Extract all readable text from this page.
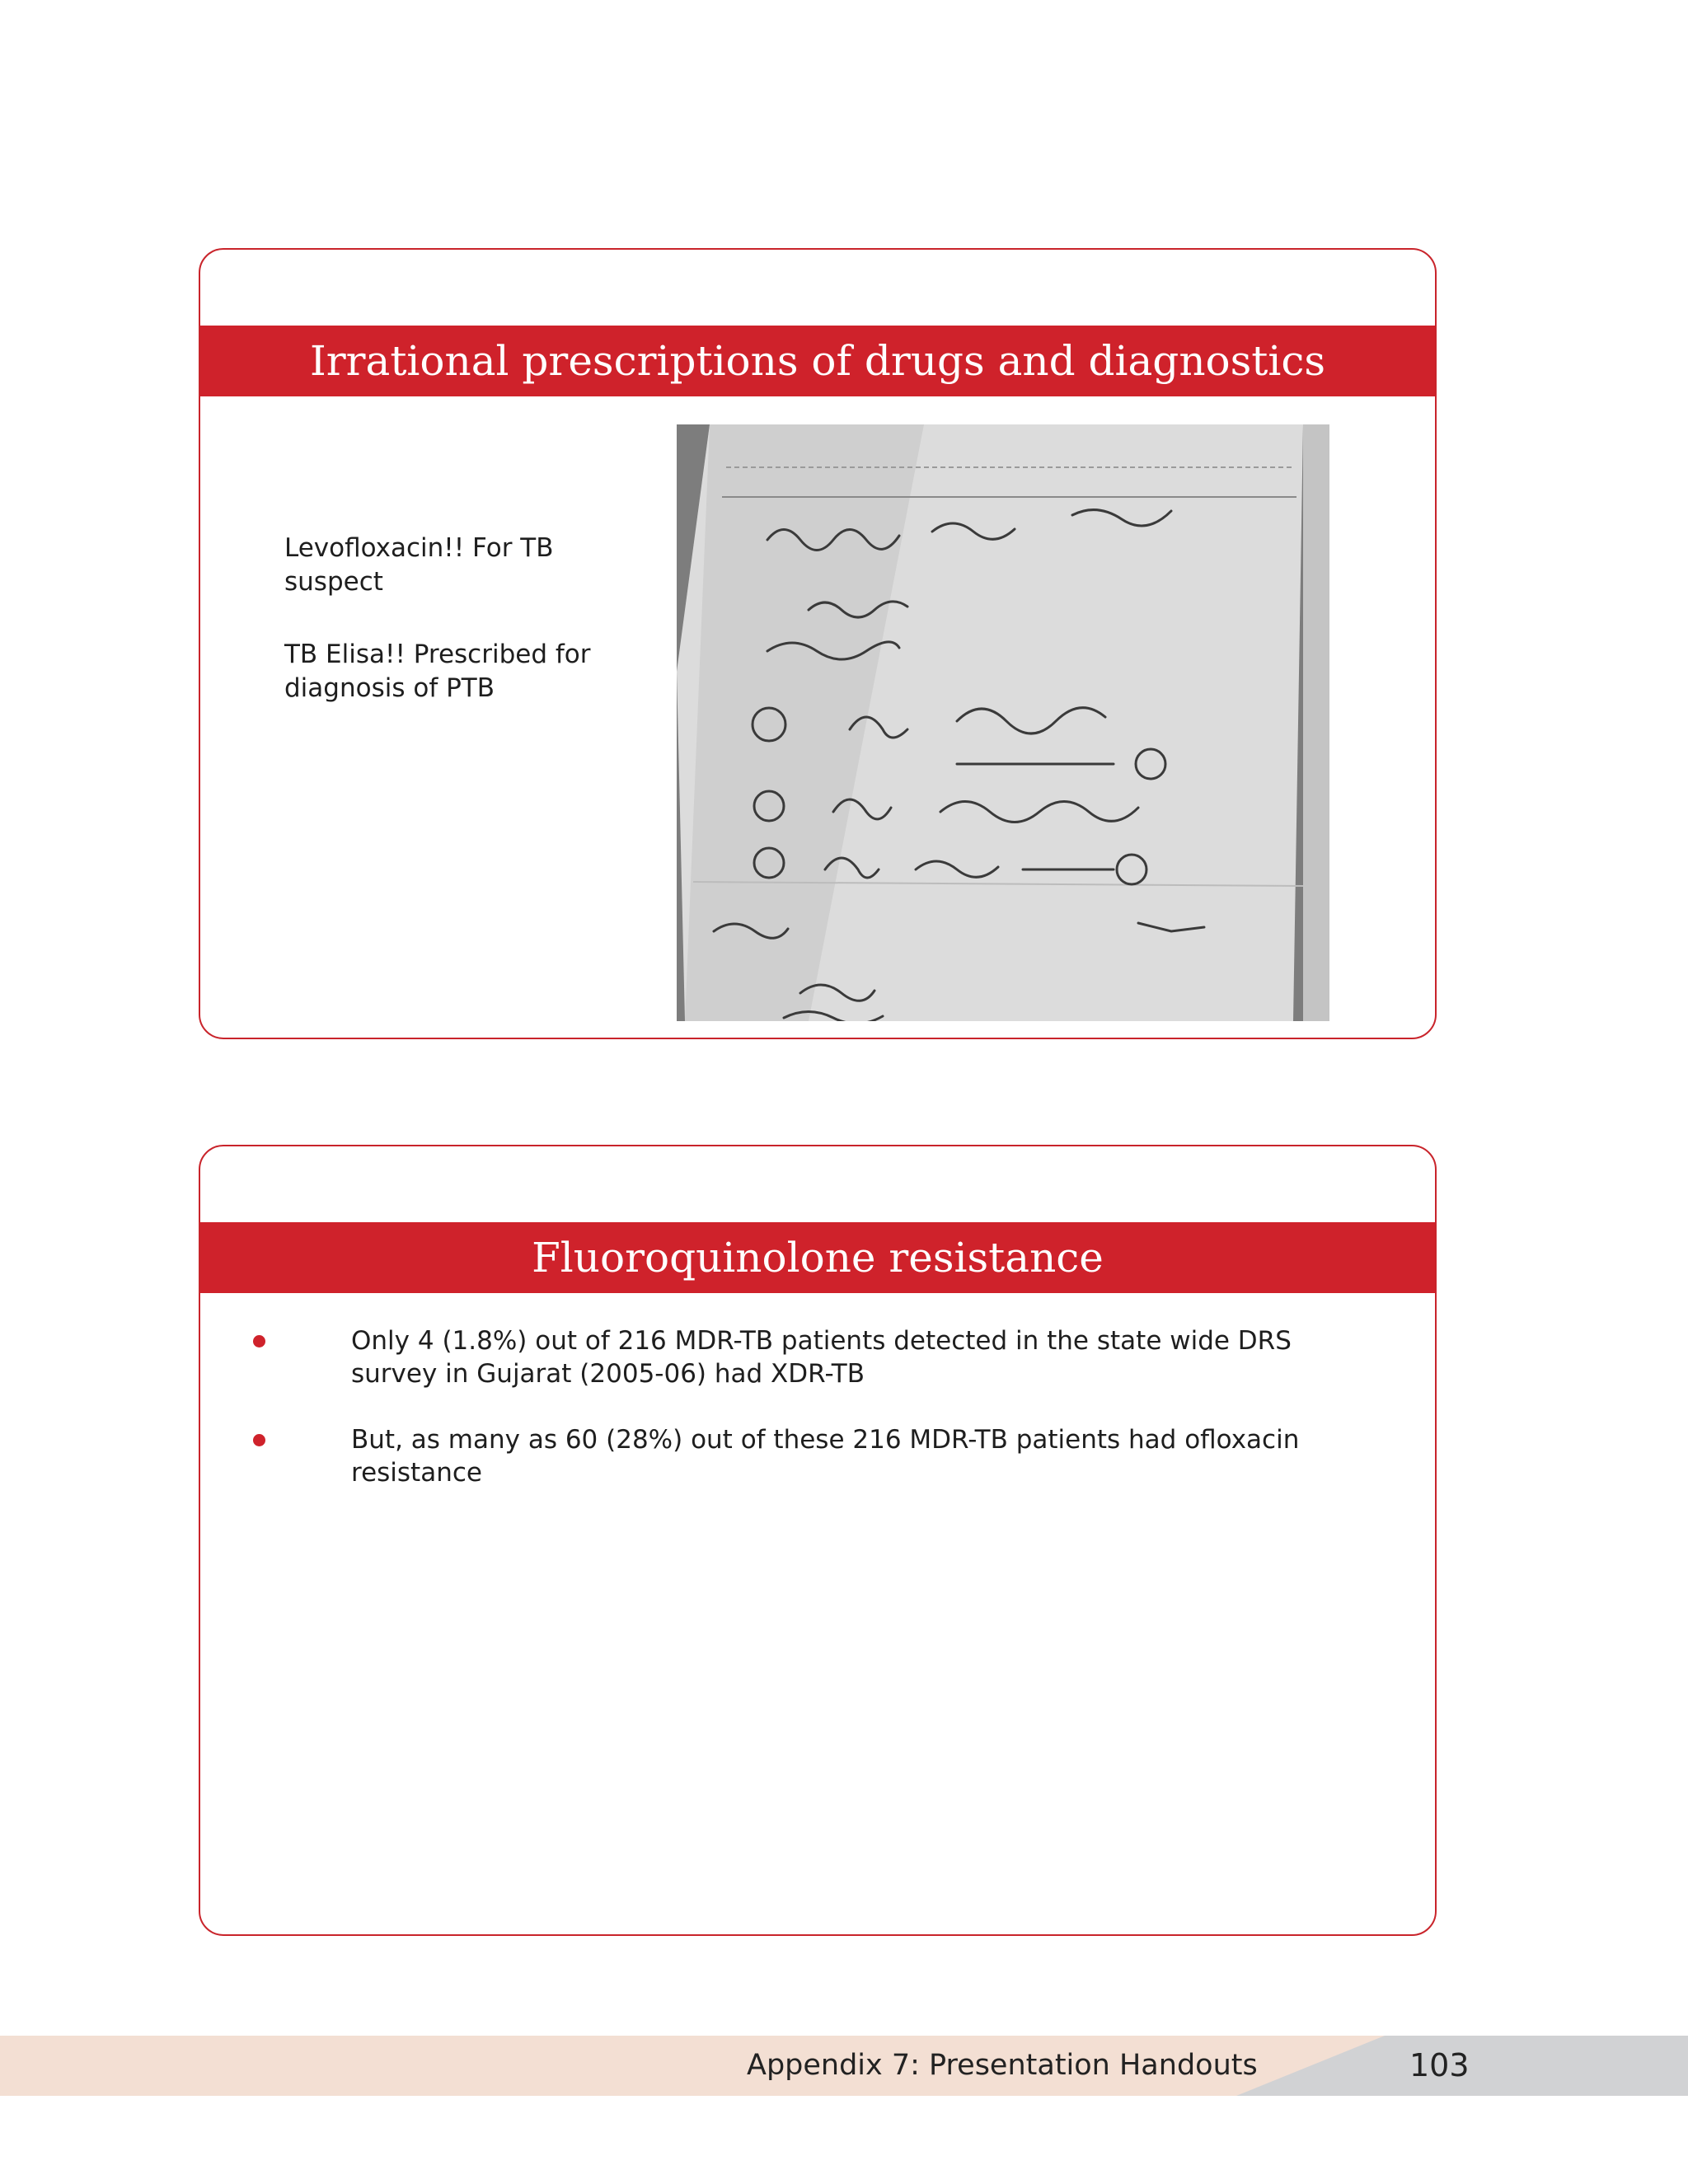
Irrational prescriptions of drugs and diagnostics

Levofloxacin!! For TB suspect

TB Elisa!! Prescribed for diagnosis of PTB

Fluoroquinolone resistance
Only 4 (1.8%) out of 216 MDR-TB patients detected in the state wide DRS survey in Gujarat (2005-06) had XDR-TB
But, as many as 60 (28%) out of these 216 MDR-TB patients had ofloxacin resistance
Appendix 7: Presentation Handouts	103
